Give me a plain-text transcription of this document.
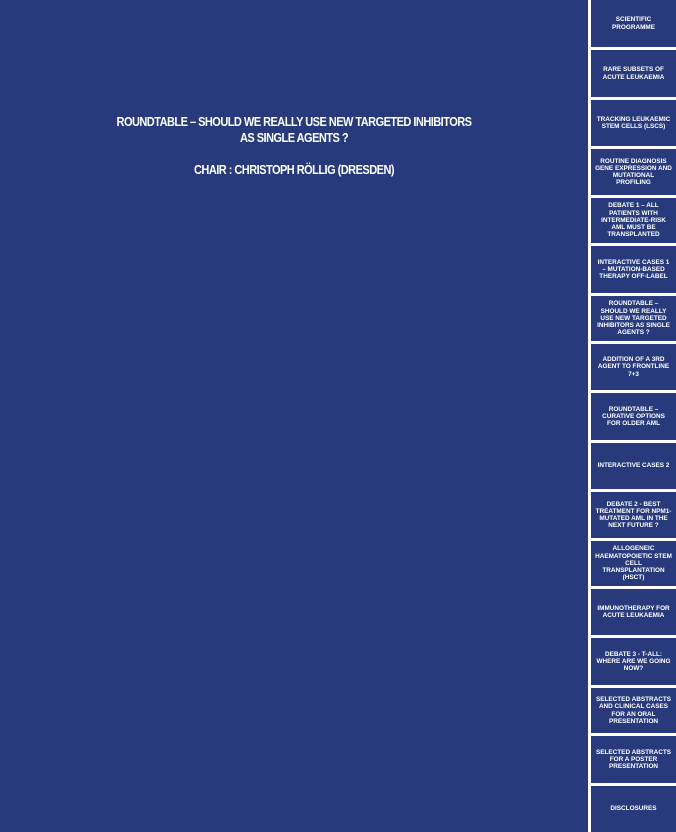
ROUNDTABLE – SHOULD WE REALLY USE NEW TARGETED INHIBITORS
AS SINGLE AGENTS ?
CHAIR : CHRISTOPH RÖLLIG (DRESDEN)
SCIENTIFIC PROGRAMME
RARE SUBSETS OF ACUTE LEUKAEMIA
TRACKING LEUKAEMIC STEM CELLS (LSCS)
ROUTINE DIAGNOSIS GENE EXPRESSION AND MUTATIONAL PROFILING
DEBATE 1 – ALL PATIENTS WITH INTERMEDIATE-RISK AML MUST BE TRANSPLANTED
INTERACTIVE CASES 1 – MUTATION-BASED THERAPY OFF-LABEL
ROUNDTABLE – SHOULD WE REALLY USE NEW TARGETED INHIBITORS AS SINGLE AGENTS ?
ADDITION OF A 3RD AGENT TO FRONTLINE 7+3
ROUNDTABLE – CURATIVE OPTIONS FOR OLDER AML
INTERACTIVE CASES 2
DEBATE 2 - BEST TREATMENT FOR NPM1-MUTATED AML IN THE NEXT FUTURE ?
ALLOGENEIC HAEMATOPOIETIC STEM CELL TRANSPLANTATION (HSCT)
IMMUNOTHERAPY FOR ACUTE LEUKAEMIA
DEBATE 3 - T-ALL: WHERE ARE WE GOING NOW?
SELECTED ABSTRACTS AND CLINICAL CASES FOR AN ORAL PRESENTATION
SELECTED ABSTRACTS FOR A POSTER PRESENTATION
DISCLOSURES
